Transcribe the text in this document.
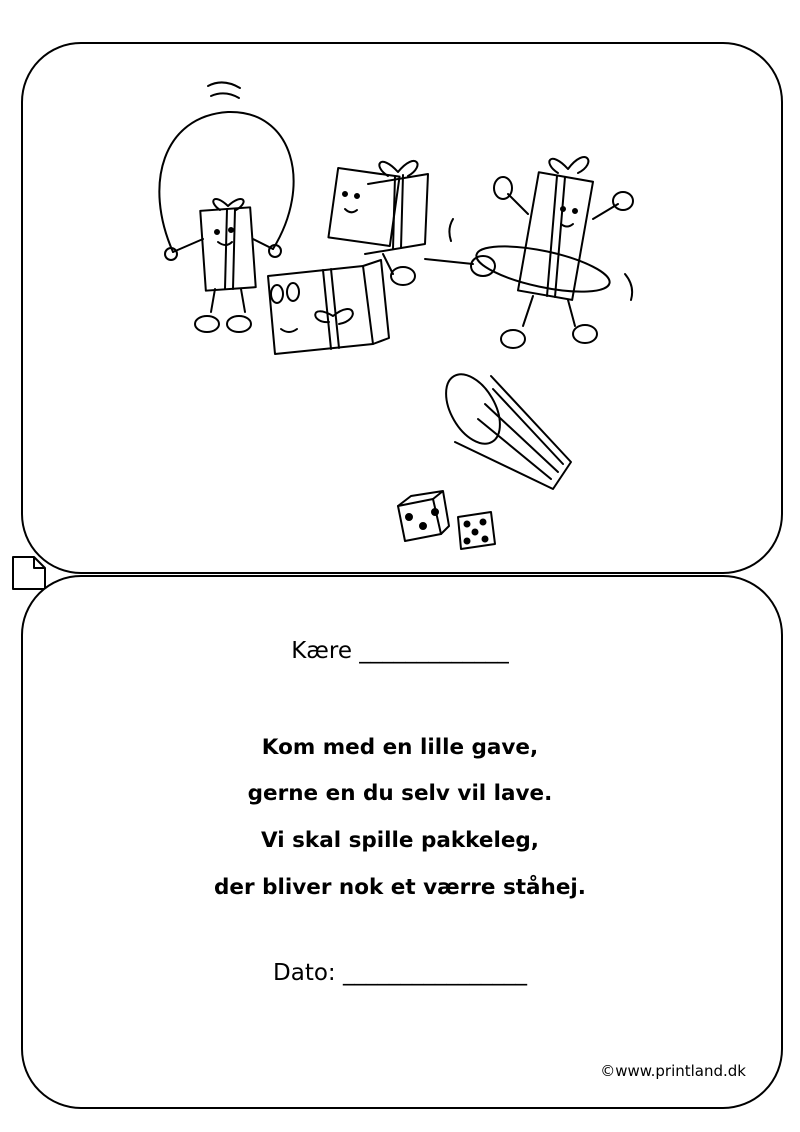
Kære _____________
Kom med en lille gave,
gerne en du selv vil lave.
Vi skal spille pakkeleg,
der bliver nok et værre ståhej.
Dato: ________________
©www.printland.dk
